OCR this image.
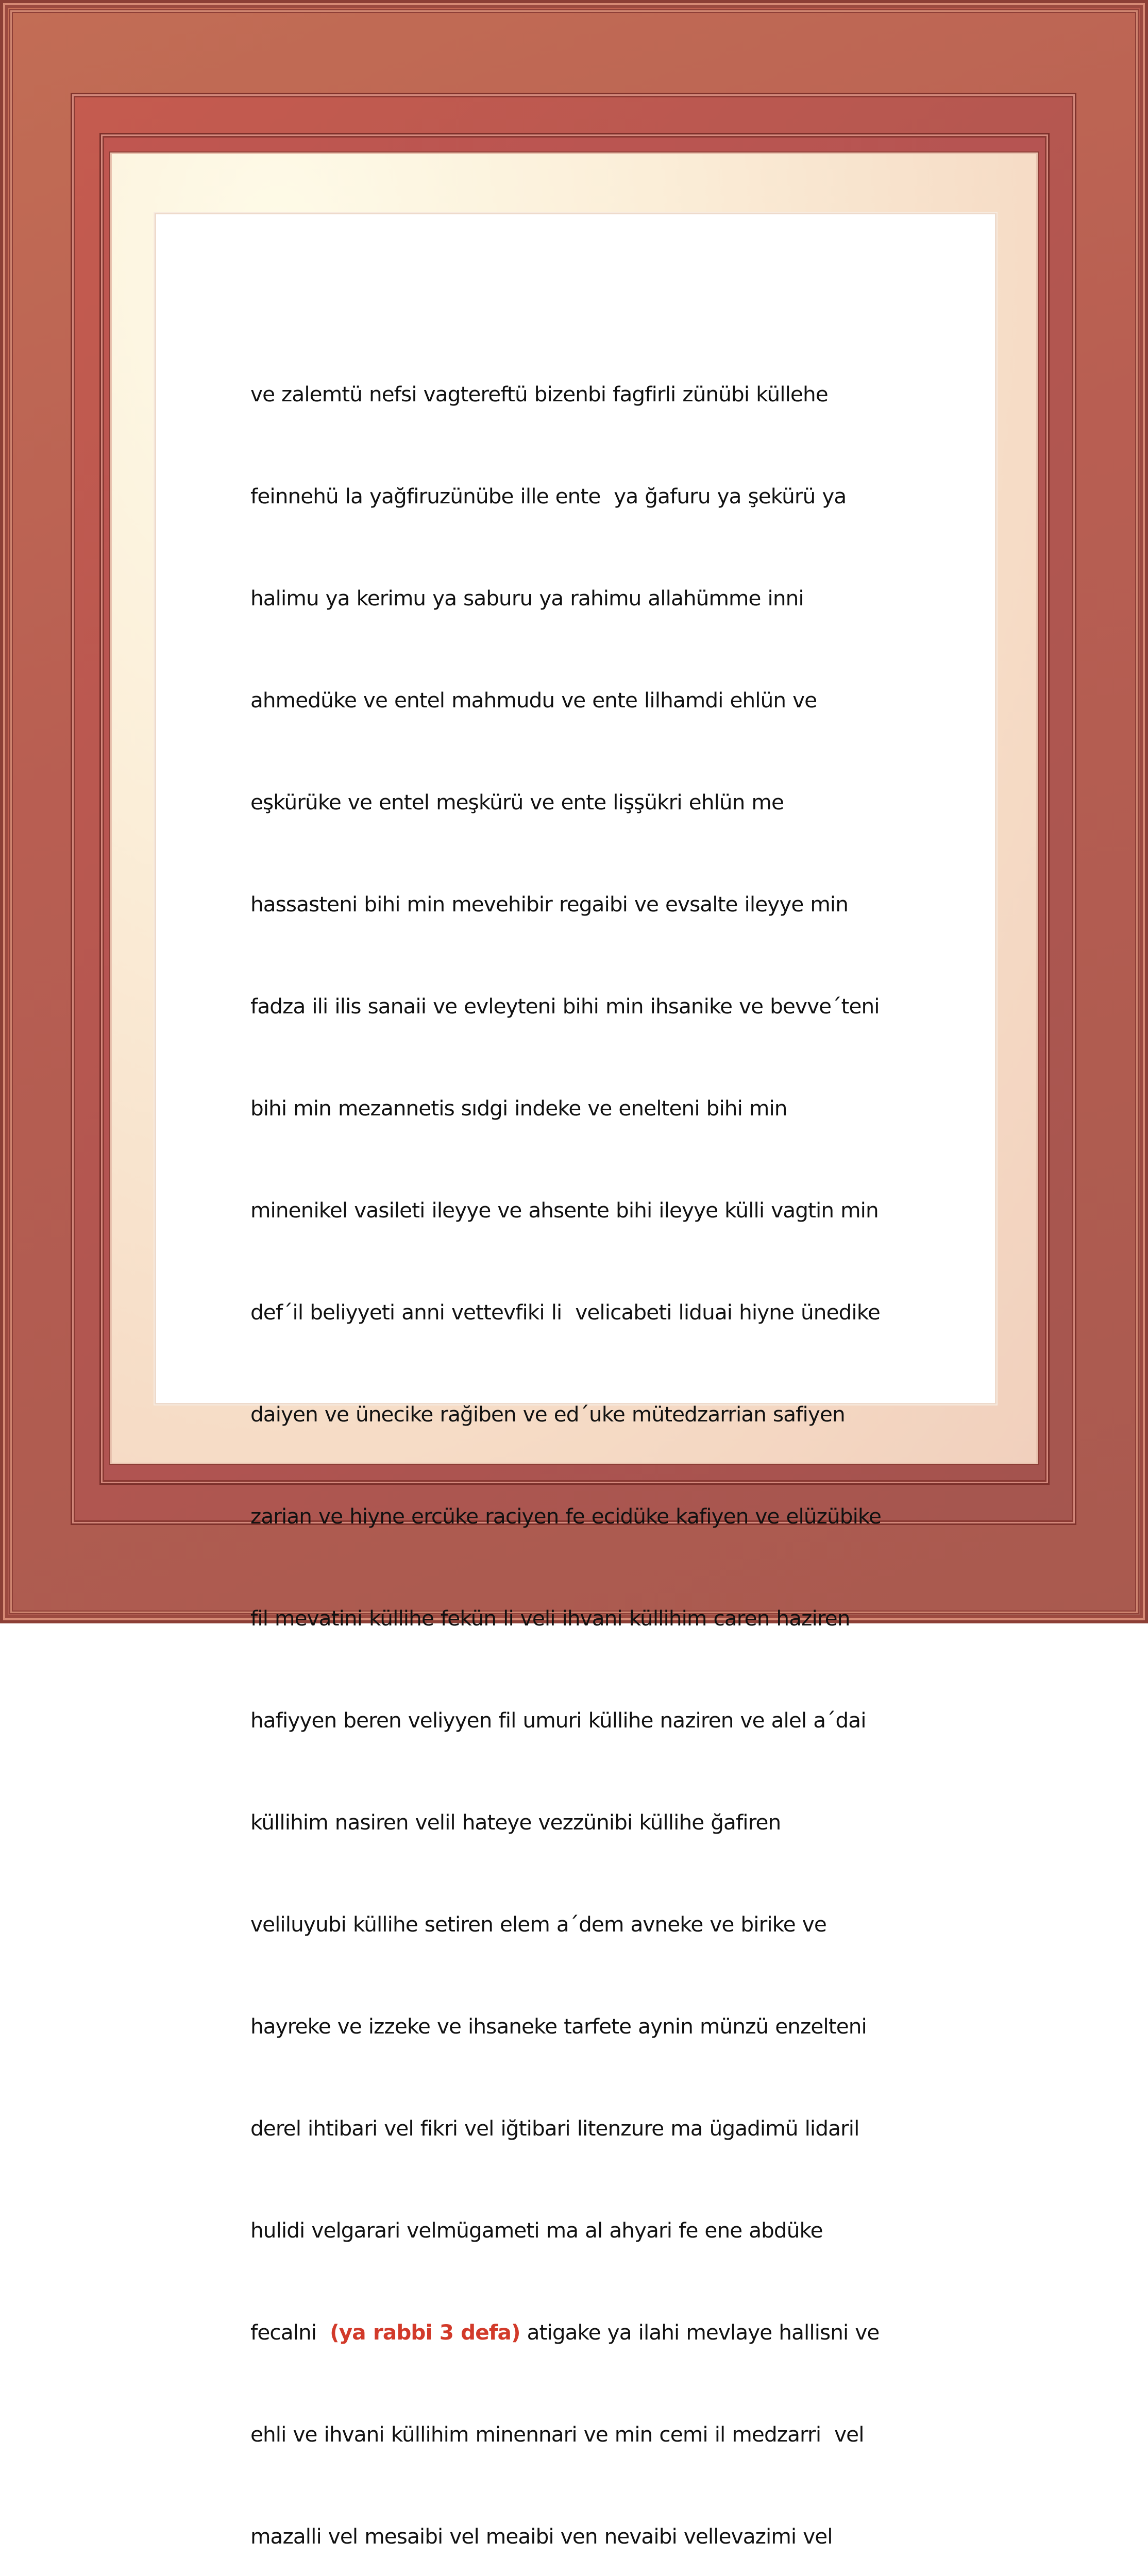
ve zalemtü nefsi vagtereftü bizenbi fagfirli zünübi küllehe

feinnehü la yağfiruzünübe ille ente  ya ğafuru ya şekürü ya

halimu ya kerimu ya saburu ya rahimu allahümme inni

ahmedüke ve entel mahmudu ve ente lilhamdi ehlün ve

eşkürüke ve entel meşkürü ve ente lişşükri ehlün me

hassasteni bihi min mevehibir regaibi ve evsalte ileyye min

fadza ili ilis sanaii ve evleyteni bihi min ihsanike ve bevve´teni

bihi min mezannetis sıdgi indeke ve enelteni bihi min

minenikel vasileti ileyye ve ahsente bihi ileyye külli vagtin min

def´il beliyyeti anni vettevfiki li  velicabeti liduai hiyne ünedike

daiyen ve ünecike rağiben ve ed´uke mütedzarrian safiyen

zarian ve hiyne ercüke raciyen fe ecidüke kafiyen ve elüzübike

fil mevatini küllihe fekün li veli ihvani küllihim caren haziren

hafiyyen beren veliyyen fil umuri küllihe naziren ve alel a´dai

küllihim nasiren velil hateye vezzünibi küllihe ğafiren

veliluyubi küllihe setiren elem a´dem avneke ve birike ve

hayreke ve izzeke ve ihsaneke tarfete aynin münzü enzelteni

derel ihtibari vel fikri vel iğtibari litenzure ma ügadimü lidaril

hulidi velgarari velmügameti ma al ahyari fe ene abdüke

fecalni  (ya rabbi 3 defa) atigake ya ilahi mevlaye hallisni ve

ehli ve ihvani küllihim minennari ve min cemi il medzarri  vel

mazalli vel mesaibi vel meaibi ven nevaibi vellevazimi vel
